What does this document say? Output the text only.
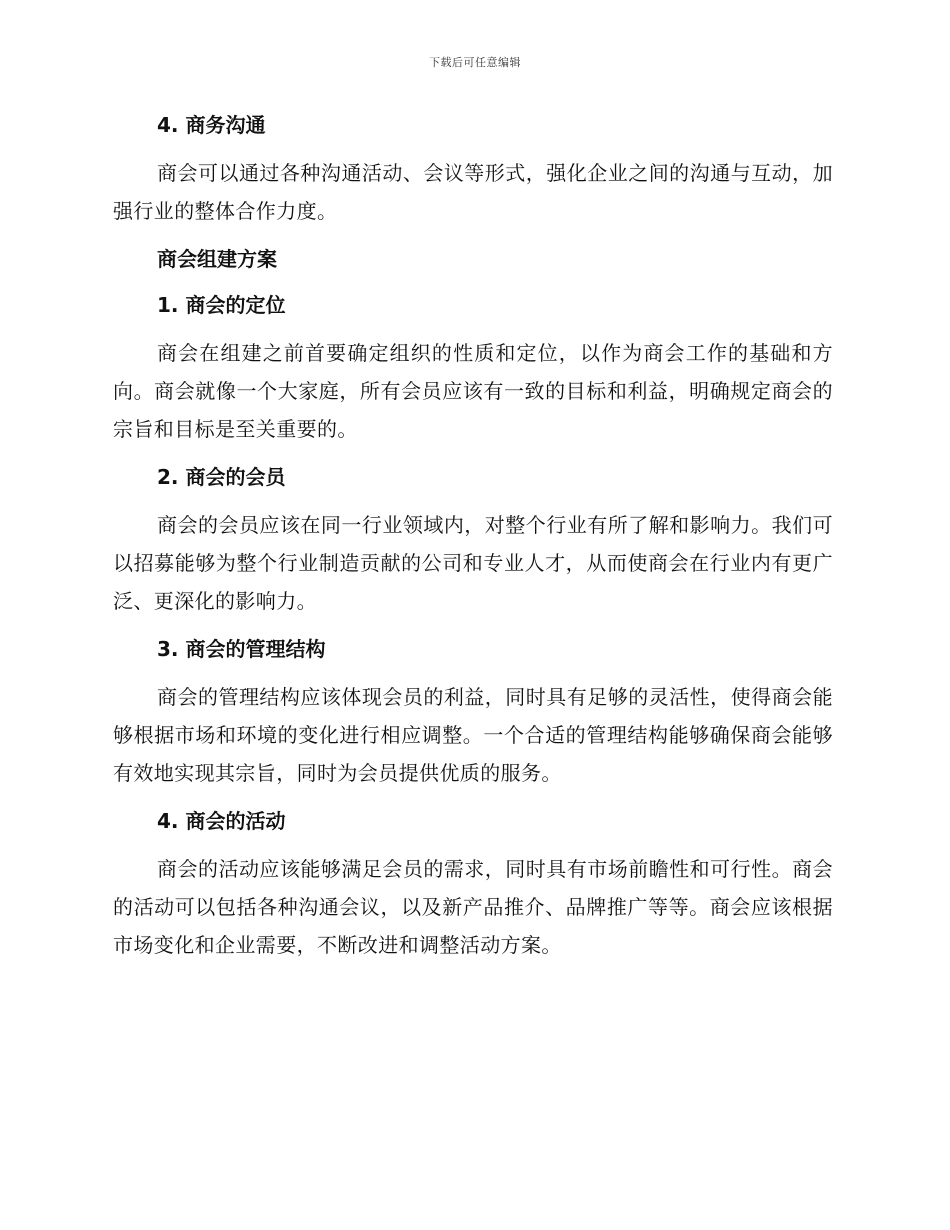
下载后可任意编辑
4. 商务沟通

商会可以通过各种沟通活动、会议等形式，强化企业之间的沟通与互动，加强行业的整体合作力度。

商会组建方案
1. 商会的定位

商会在组建之前首要确定组织的性质和定位，以作为商会工作的基础和方向。商会就像一个大家庭，所有会员应该有一致的目标和利益，明确规定商会的宗旨和目标是至关重要的。

2. 商会的会员

商会的会员应该在同一行业领域内，对整个行业有所了解和影响力。我们可以招募能够为整个行业制造贡献的公司和专业人才，从而使商会在行业内有更广泛、更深化的影响力。

3. 商会的管理结构

商会的管理结构应该体现会员的利益，同时具有足够的灵活性，使得商会能够根据市场和环境的变化进行相应调整。一个合适的管理结构能够确保商会能够有效地实现其宗旨，同时为会员提供优质的服务。

4. 商会的活动

商会的活动应该能够满足会员的需求，同时具有市场前瞻性和可行性。商会的活动可以包括各种沟通会议，以及新产品推介、品牌推广等等。商会应该根据市场变化和企业需要，不断改进和调整活动方案。
